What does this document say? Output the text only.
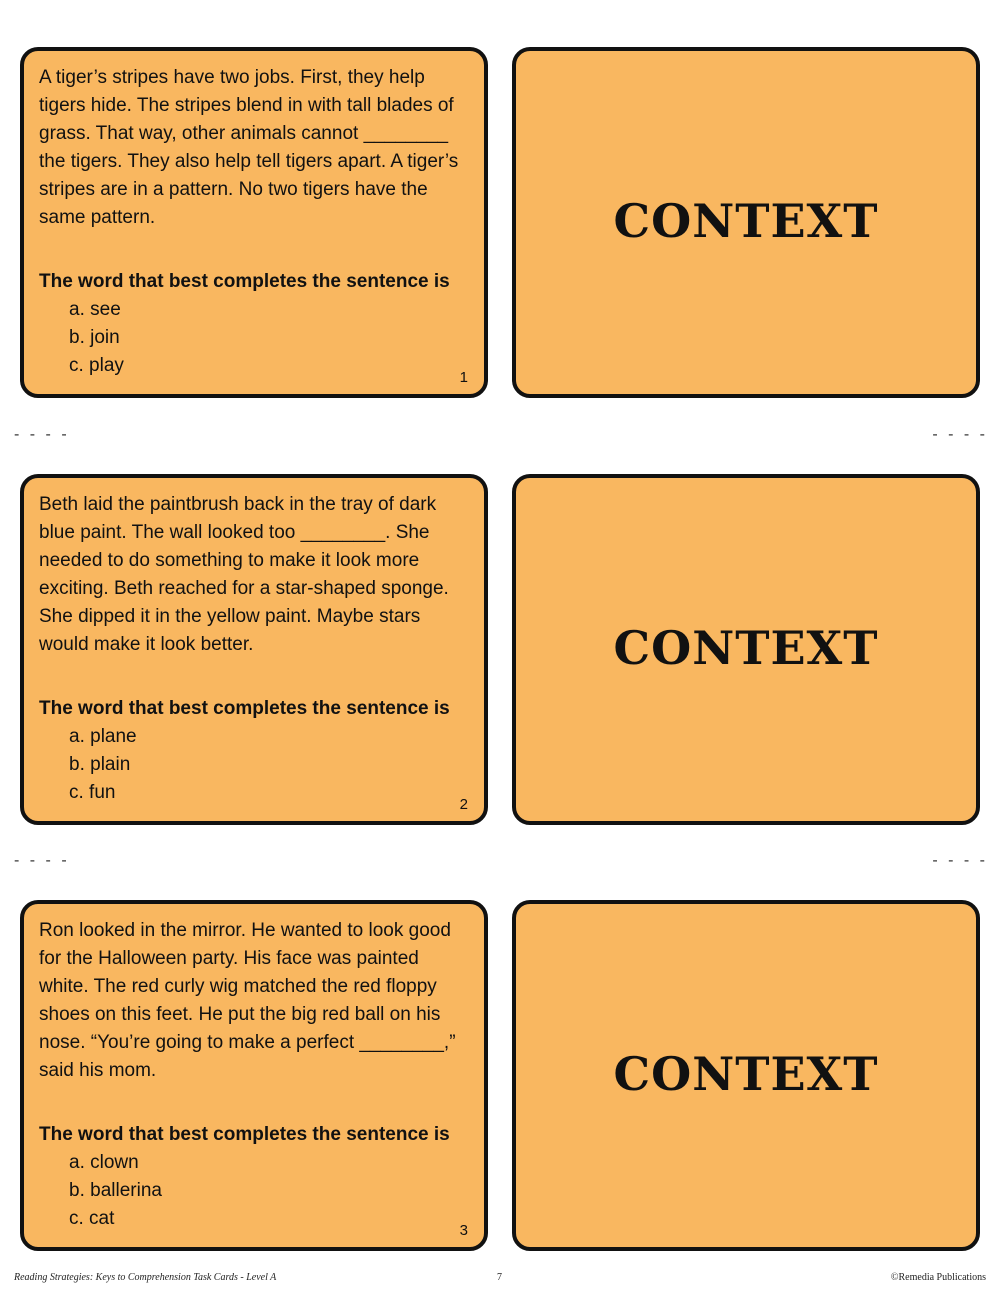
A tiger’s stripes have two jobs. First, they help tigers hide. The stripes blend in with tall blades of grass. That way, other animals cannot ________ the tigers. They also help tell tigers apart. A tiger’s stripes are in a pattern. No two tigers have the same pattern.

The word that best completes the sentence is
a. see
b. join
c. play
1
CONTEXT
- - - -	- - - -

Beth laid the paintbrush back in the tray of dark blue paint. The wall looked too ________. She needed to do something to make it look more exciting. Beth reached for a star-shaped sponge. She dipped it in the yellow paint. Maybe stars would make it look better.

The word that best completes the sentence is
a. plane
b. plain
c. fun
2
CONTEXT
- - - -	- - - -

Ron looked in the mirror. He wanted to look good for the Halloween party. His face was painted white. The red curly wig matched the red floppy shoes on this feet. He put the big red ball on his nose. “You’re going to make a perfect ________,” said his mom.

The word that best completes the sentence is
a. clown
b. ballerina
c. cat
3
CONTEXT
Reading Strategies: Keys to Comprehension Task Cards - Level A	7	©Remedia Publications
